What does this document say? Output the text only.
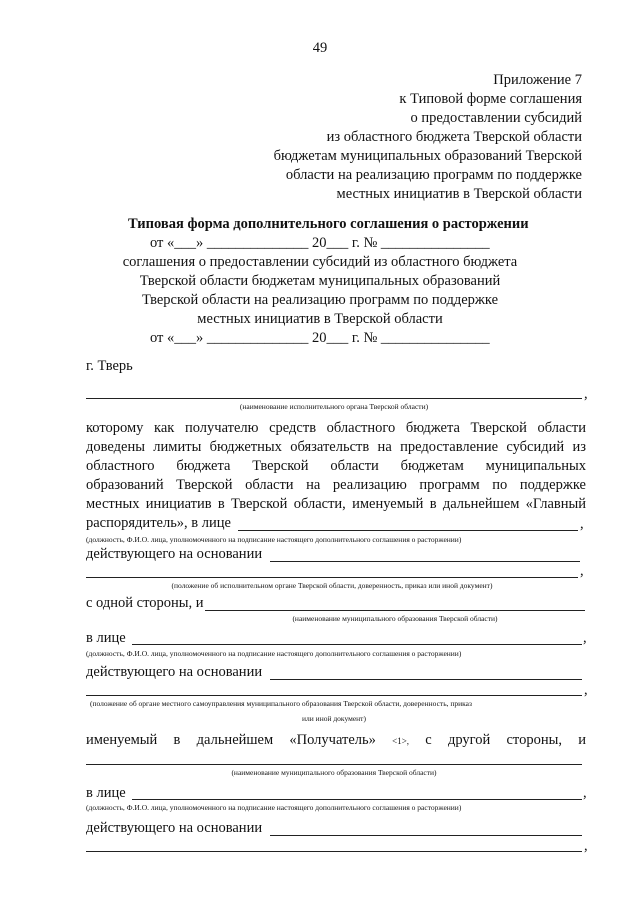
49
Приложение 7
к Типовой форме соглашения
о предоставлении субсидий
из областного бюджета Тверской области
бюджетам муниципальных образований Тверской
области на реализацию программ по поддержке
местных инициатив в Тверской области
Типовая форма дополнительного соглашения о расторжении
от «___» ______________ 20___ г. № _______________
соглашения о предоставлении субсидий из областного бюджета
Тверской области бюджетам муниципальных образований
Тверской области на реализацию программ по поддержке
местных инициатив в Тверской области
от «___» ______________ 20___ г. № _______________
г. Тверь
,
(наименование исполнительного органа Тверской области)
которому как получателю средств областного бюджета Тверской области
доведены лимиты бюджетных обязательств на предоставление субсидий из
областного бюджета Тверской области бюджетам муниципальных
образований Тверской области на реализацию программ по поддержке
местных инициатив в Тверской области, именуемый в дальнейшем «Главный
распорядитель», в лице	,
(должность, Ф.И.О. лица, уполномоченного на подписание настоящего дополнительного соглашения о расторжении)
действующего на основании
,
(положение об исполнительном органе Тверской области, доверенность, приказ или иной документ)
с одной стороны, и
(наименование муниципального образования Тверской области)
в лице	,
(должность, Ф.И.О. лица, уполномоченного на подписание настоящего дополнительного соглашения о расторжении)
действующего на основании
,
(положение об органе местного самоуправления муниципального образования Тверской области, доверенность, приказ
или иной документ)
именуемый в дальнейшем «Получатель» <1>, с другой стороны, и
(наименование муниципального образования Тверской области)
в лице	,
(должность, Ф.И.О. лица, уполномоченного на подписание настоящего дополнительного соглашения о расторжении)
действующего на основании
,
